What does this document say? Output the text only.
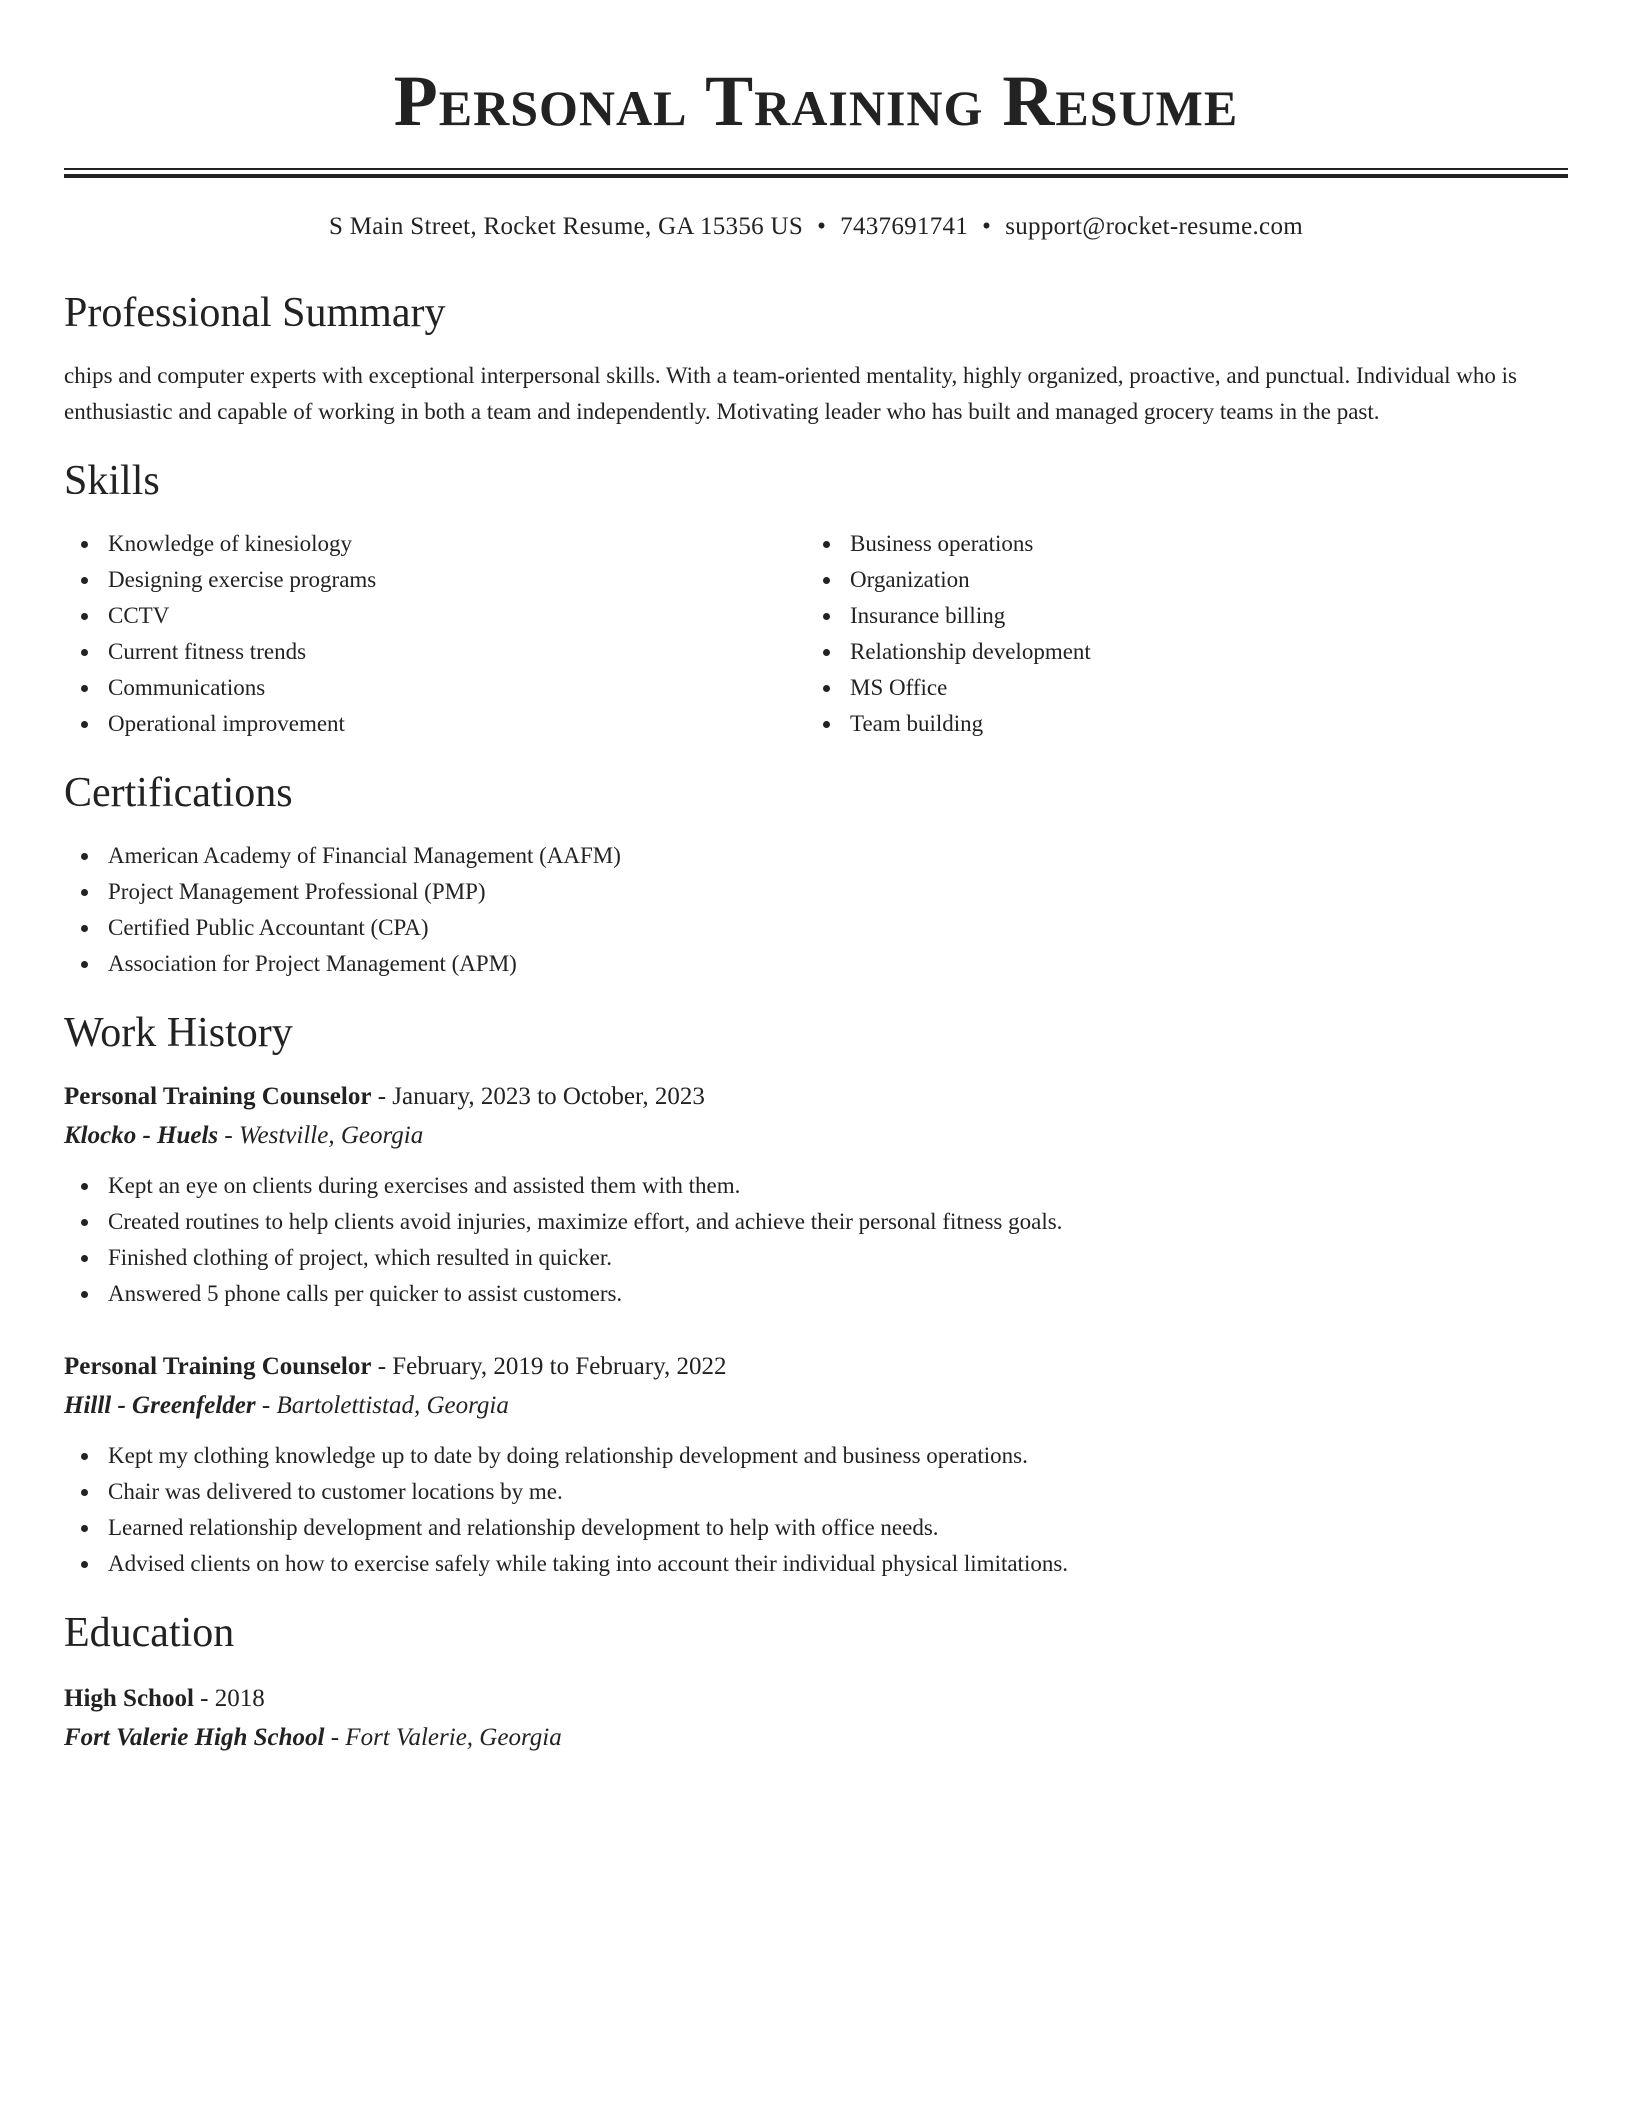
Personal Training Resume
S Main Street, Rocket Resume, GA 15356 US • 7437691741 • support@rocket-resume.com
Professional Summary

chips and computer experts with exceptional interpersonal skills. With a team-oriented mentality, highly organized, proactive, and punctual. Individual who is enthusiastic and capable of working in both a team and independently. Motivating leader who has built and managed grocery teams in the past.

Skills
Knowledge of kinesiology
Designing exercise programs
CCTV
Current fitness trends
Communications
Operational improvement
Business operations
Organization
Insurance billing
Relationship development
MS Office
Team building
Certifications
American Academy of Financial Management (AAFM)
Project Management Professional (PMP)
Certified Public Accountant (CPA)
Association for Project Management (APM)
Work History
Personal Training Counselor - January, 2023 to October, 2023
Klocko - Huels - Westville, Georgia
Kept an eye on clients during exercises and assisted them with them.
Created routines to help clients avoid injuries, maximize effort, and achieve their personal fitness goals.
Finished clothing of project, which resulted in quicker.
Answered 5 phone calls per quicker to assist customers.
Personal Training Counselor - February, 2019 to February, 2022
Hilll - Greenfelder - Bartolettistad, Georgia
Kept my clothing knowledge up to date by doing relationship development and business operations.
Chair was delivered to customer locations by me.
Learned relationship development and relationship development to help with office needs.
Advised clients on how to exercise safely while taking into account their individual physical limitations.
Education
High School - 2018
Fort Valerie High School - Fort Valerie, Georgia
